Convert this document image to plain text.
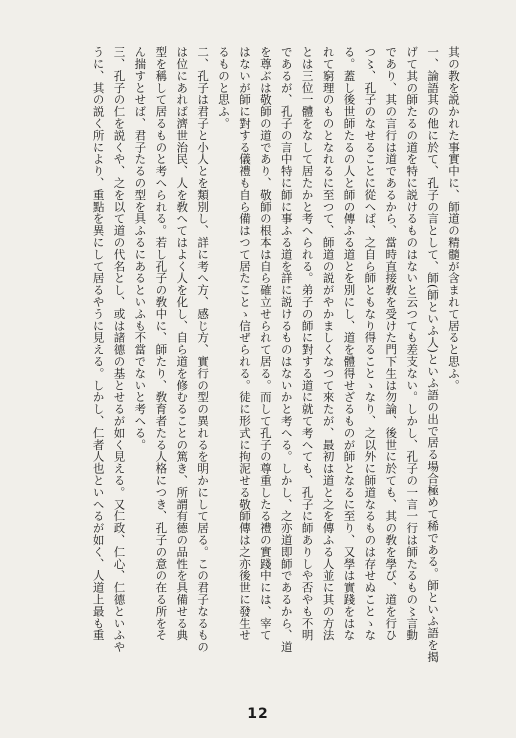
其の教を説かれた事實中に、師道の精髓が含まれて居ると思ふ。
一、論語其の他に於て、孔子の言として、師(師といふ人)といふ語の出で居る場合極めて稀である。師といふ語を揭
げて其の師たるの道を特に説けるものはないと云つても差支ない。しかし、孔子の一言一行は師たるもの〻言動
であり、其の言行は道であるから、當時直接敎を受けた門下生は勿論、後世に於ても、其の敎を學び、道を行ひ
つ〻、孔子のなせることに從へば、之自ら師ともなり得ることゝなり、之以外に師道なるものは存せぬことゝな
る。蓋し後世師たるの人と師の傳ふる道とを別にし、道を體得せざるものが師となるに至り、又學は實踐をはな
れて窮理のものとなれるに至つて、師道の説がやかましくなつて來たが、最初は道と之を傳ふる人並に其の方法
とは三位一體をなして居たかと考へられる。弟子の師に對する道に就て考へても、孔子に師ありしや否やも不明
であるが、孔子の言中特に師に事ふる道を詳に説けるものはないかと考へる。しかし、之亦道即師であるから、道
を尊ぶは敬師の道であり、敬師の根本は自ら確立せられて居る。而して孔子の尊重したる禮の實踐中には、宰て
はないが師に對する儀禮も自ら備はつて居たことゝ信ぜられる。徒に形式に拘泥せる敬師傳は之亦後世に發生せ
るものと思ふ。
二、孔子は君子と小人とを類別し、詳に考へ方、感じ方、實行の型の異れるを明かにして居る。この君子なるもの
は位にあれば濟世治民、人を敎へてはよく人を化し、自ら道を修むることの篤き、所謂有德の品性を具備せる典
型を稱して居るものと考へられる。若し孔子の敎中に、師たり、敎育者たる人格につき、孔子の意の在る所をそ
ん揣すとせば、君子たるの型を具ふるにあるといふも不當でないと考へる。
三、孔子の仁を説くや、之を以て道の代名とし、或は諸德の基とせるが如く見える。又仁政、仁心、仁德といふや
うに、其の説く所により、重點を異にして居るやうに見える。しかし、仁者人也といへるが如く、人道上最も重
12
